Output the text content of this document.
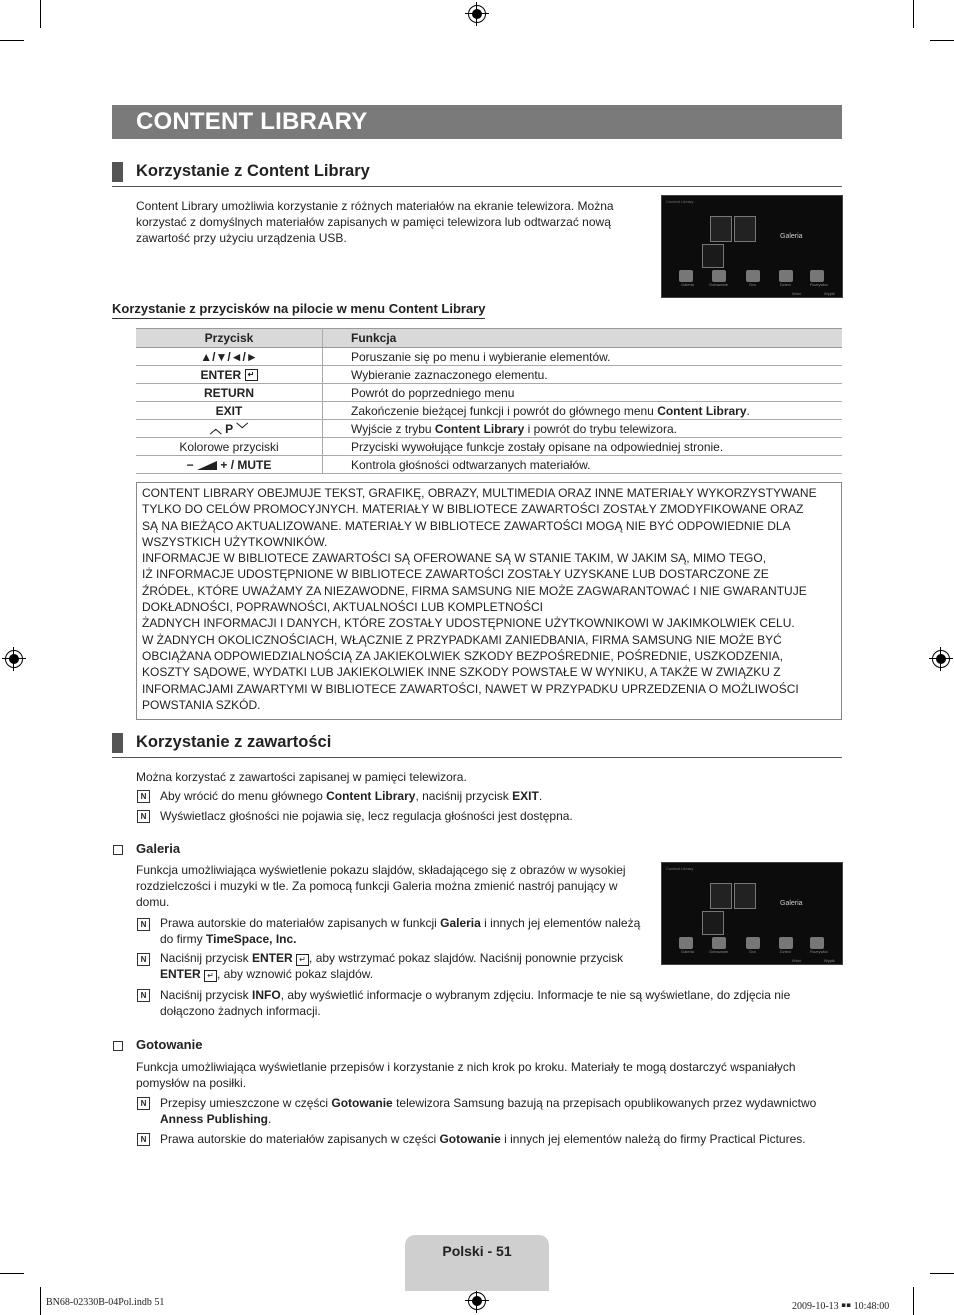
CONTENT LIBRARY
Korzystanie z Content Library
Content Library umożliwia korzystanie z różnych materiałów na ekranie telewizora. Można
korzystać z domyślnych materiałów zapisanych w pamięci telewizora lub odtwarzać nową
zawartość przy użyciu urządzenia USB.
Content Library
Galeria
Galeria	Gotowanie	Gra	Dzieci	Rozrywka
Wróć	Wyjdź
Korzystanie z przycisków na pilocie w menu Content Library
Przycisk	Funkcja
▲/▼/◄/►	Poruszanie się po menu i wybieranie elementów.
ENTER ↵	Wybieranie zaznaczonego elementu.
RETURN	Powrót do poprzedniego menu
EXIT	Zakończenie bieżącej funkcji i powrót do głównego menu Content Library.
︿ P ﹀	Wyjście z trybu Content Library i powrót do trybu telewizora.
Kolorowe przyciski	Przyciski wywołujące funkcje zostały opisane na odpowiedniej stronie.
− + / MUTE	Kontrola głośności odtwarzanych materiałów.
CONTENT LIBRARY OBEJMUJE TEKST, GRAFIKĘ, OBRAZY, MULTIMEDIA ORAZ INNE MATERIAŁY WYKORZYSTYWANE
TYLKO DO CELÓW PROMOCYJNYCH. MATERIAŁY W BIBLIOTECE ZAWARTOŚCI ZOSTAŁY ZMODYFIKOWANE ORAZ
SĄ NA BIEŻĄCO AKTUALIZOWANE. MATERIAŁY W BIBLIOTECE ZAWARTOŚCI MOGĄ NIE BYĆ ODPOWIEDNIE DLA
WSZYSTKICH UŻYTKOWNIKÓW.
INFORMACJE W BIBLIOTECE ZAWARTOŚCI SĄ OFEROWANE SĄ W STANIE TAKIM, W JAKIM SĄ, MIMO TEGO,
IŻ INFORMACJE UDOSTĘPNIONE W BIBLIOTECE ZAWARTOŚCI ZOSTAŁY UZYSKANE LUB DOSTARCZONE ZE
ŹRÓDEŁ, KTÓRE UWAŻAMY ZA NIEZAWODNE, FIRMA SAMSUNG NIE MOŻE ZAGWARANTOWAĆ I NIE GWARANTUJE
DOKŁADNOŚCI, POPRAWNOŚCI, AKTUALNOŚCI LUB KOMPLETNOŚCI
ŻADNYCH INFORMACJI I DANYCH, KTÓRE ZOSTAŁY UDOSTĘPNIONE UŻYTKOWNIKOWI W JAKIMKOLWIEK CELU.
W ŻADNYCH OKOLICZNOŚCIACH, WŁĄCZNIE Z PRZYPADKAMI ZANIEDBANIA, FIRMA SAMSUNG NIE MOŻE BYĆ
OBCIĄŻANA ODPOWIEDZIALNOŚCIĄ ZA JAKIEKOLWIEK SZKODY BEZPOŚREDNIE, POŚREDNIE, USZKODZENIA,
KOSZTY SĄDOWE, WYDATKI LUB JAKIEKOLWIEK INNE SZKODY POWSTAŁE W WYNIKU, A TAKŻE W ZWIĄZKU Z
INFORMACJAMI ZAWARTYMI W BIBLIOTECE ZAWARTOŚCI, NAWET W PRZYPADKU UPRZEDZENIA O MOŻLIWOŚCI
POWSTANIA SZKÓD.
Korzystanie z zawartości
Można korzystać z zawartości zapisanej w pamięci telewizora.
N	Aby wrócić do menu głównego Content Library, naciśnij przycisk EXIT.
N	Wyświetlacz głośności nie pojawia się, lecz regulacja głośności jest dostępna.
Galeria
Funkcja umożliwiająca wyświetlenie pokazu slajdów, składającego się z obrazów w wysokiej
rozdzielczości i muzyki w tle. Za pomocą funkcji Galeria można zmienić nastrój panujący w
domu.
N	Prawa autorskie do materiałów zapisanych w funkcji Galeria i innych jej elementów należą
do firmy TimeSpace, Inc.
N	Naciśnij przycisk ENTER ↵ , aby wstrzymać pokaz slajdów. Naciśnij ponownie przycisk
ENTER ↵ , aby wznowić pokaz slajdów.
N	Naciśnij przycisk INFO, aby wyświetlić informacje o wybranym zdjęciu. Informacje te nie są wyświetlane, do zdjęcia nie
dołączono żadnych informacji.
Content Library
Galeria
Galeria	Gotowanie	Gra	Dzieci	Rozrywka
Wróć	Wyjdź
Gotowanie
Funkcja umożliwiająca wyświetlanie przepisów i korzystanie z nich krok po kroku. Materiały te mogą dostarczyć wspaniałych
pomysłów na posiłki.
N	Przepisy umieszczone w części Gotowanie telewizora Samsung bazują na przepisach opublikowanych przez wydawnictwo
Anness Publishing.
N	Prawa autorskie do materiałów zapisanych w części Gotowanie i innych jej elementów należą do firmy Practical Pictures.
Polski - 51
BN68-02330B-04Pol.indb 51	2009-10-13 ￭￭ 10:48:00
